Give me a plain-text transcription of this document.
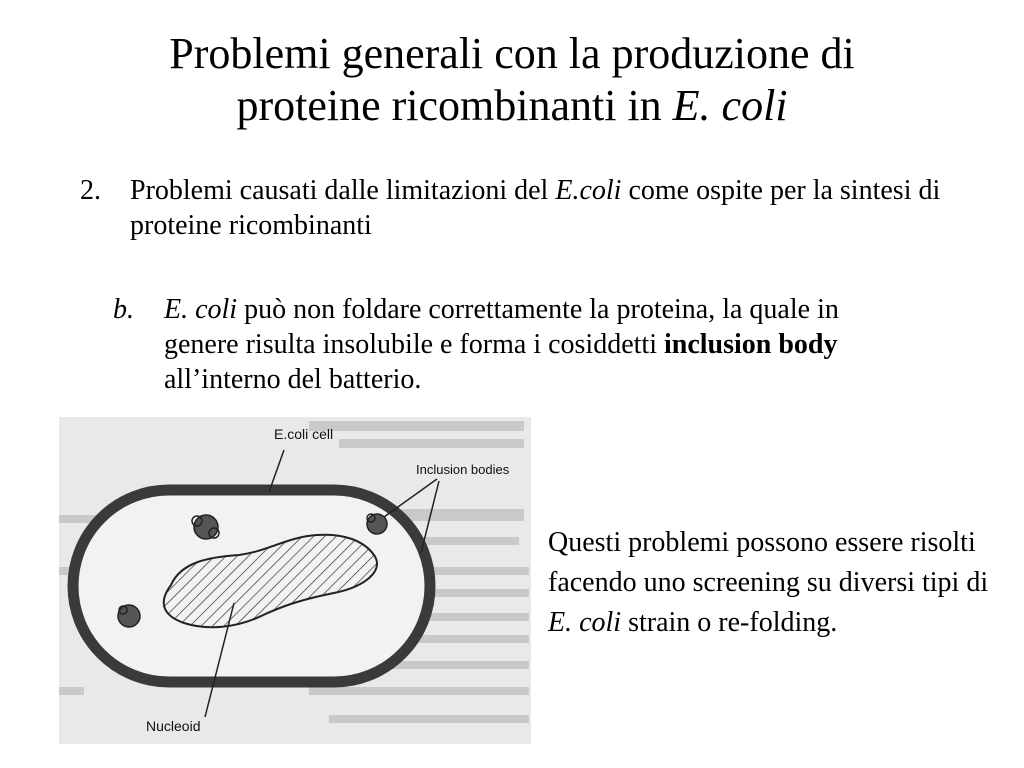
Problemi generali con la produzione di
proteine ricombinanti in E. coli
2. Problemi causati dalle limitazioni del E.coli come ospite per la sintesi di proteine ricombinanti
b. E. coli può non foldare correttamente la proteina, la quale in genere risulta insolubile e forma i cosiddetti inclusion body all’interno del batterio.
E.coli cell
Inclusion bodies
Nucleoid
Questi problemi possono essere risolti facendo uno screening su diversi tipi di E. coli strain o re-folding.
